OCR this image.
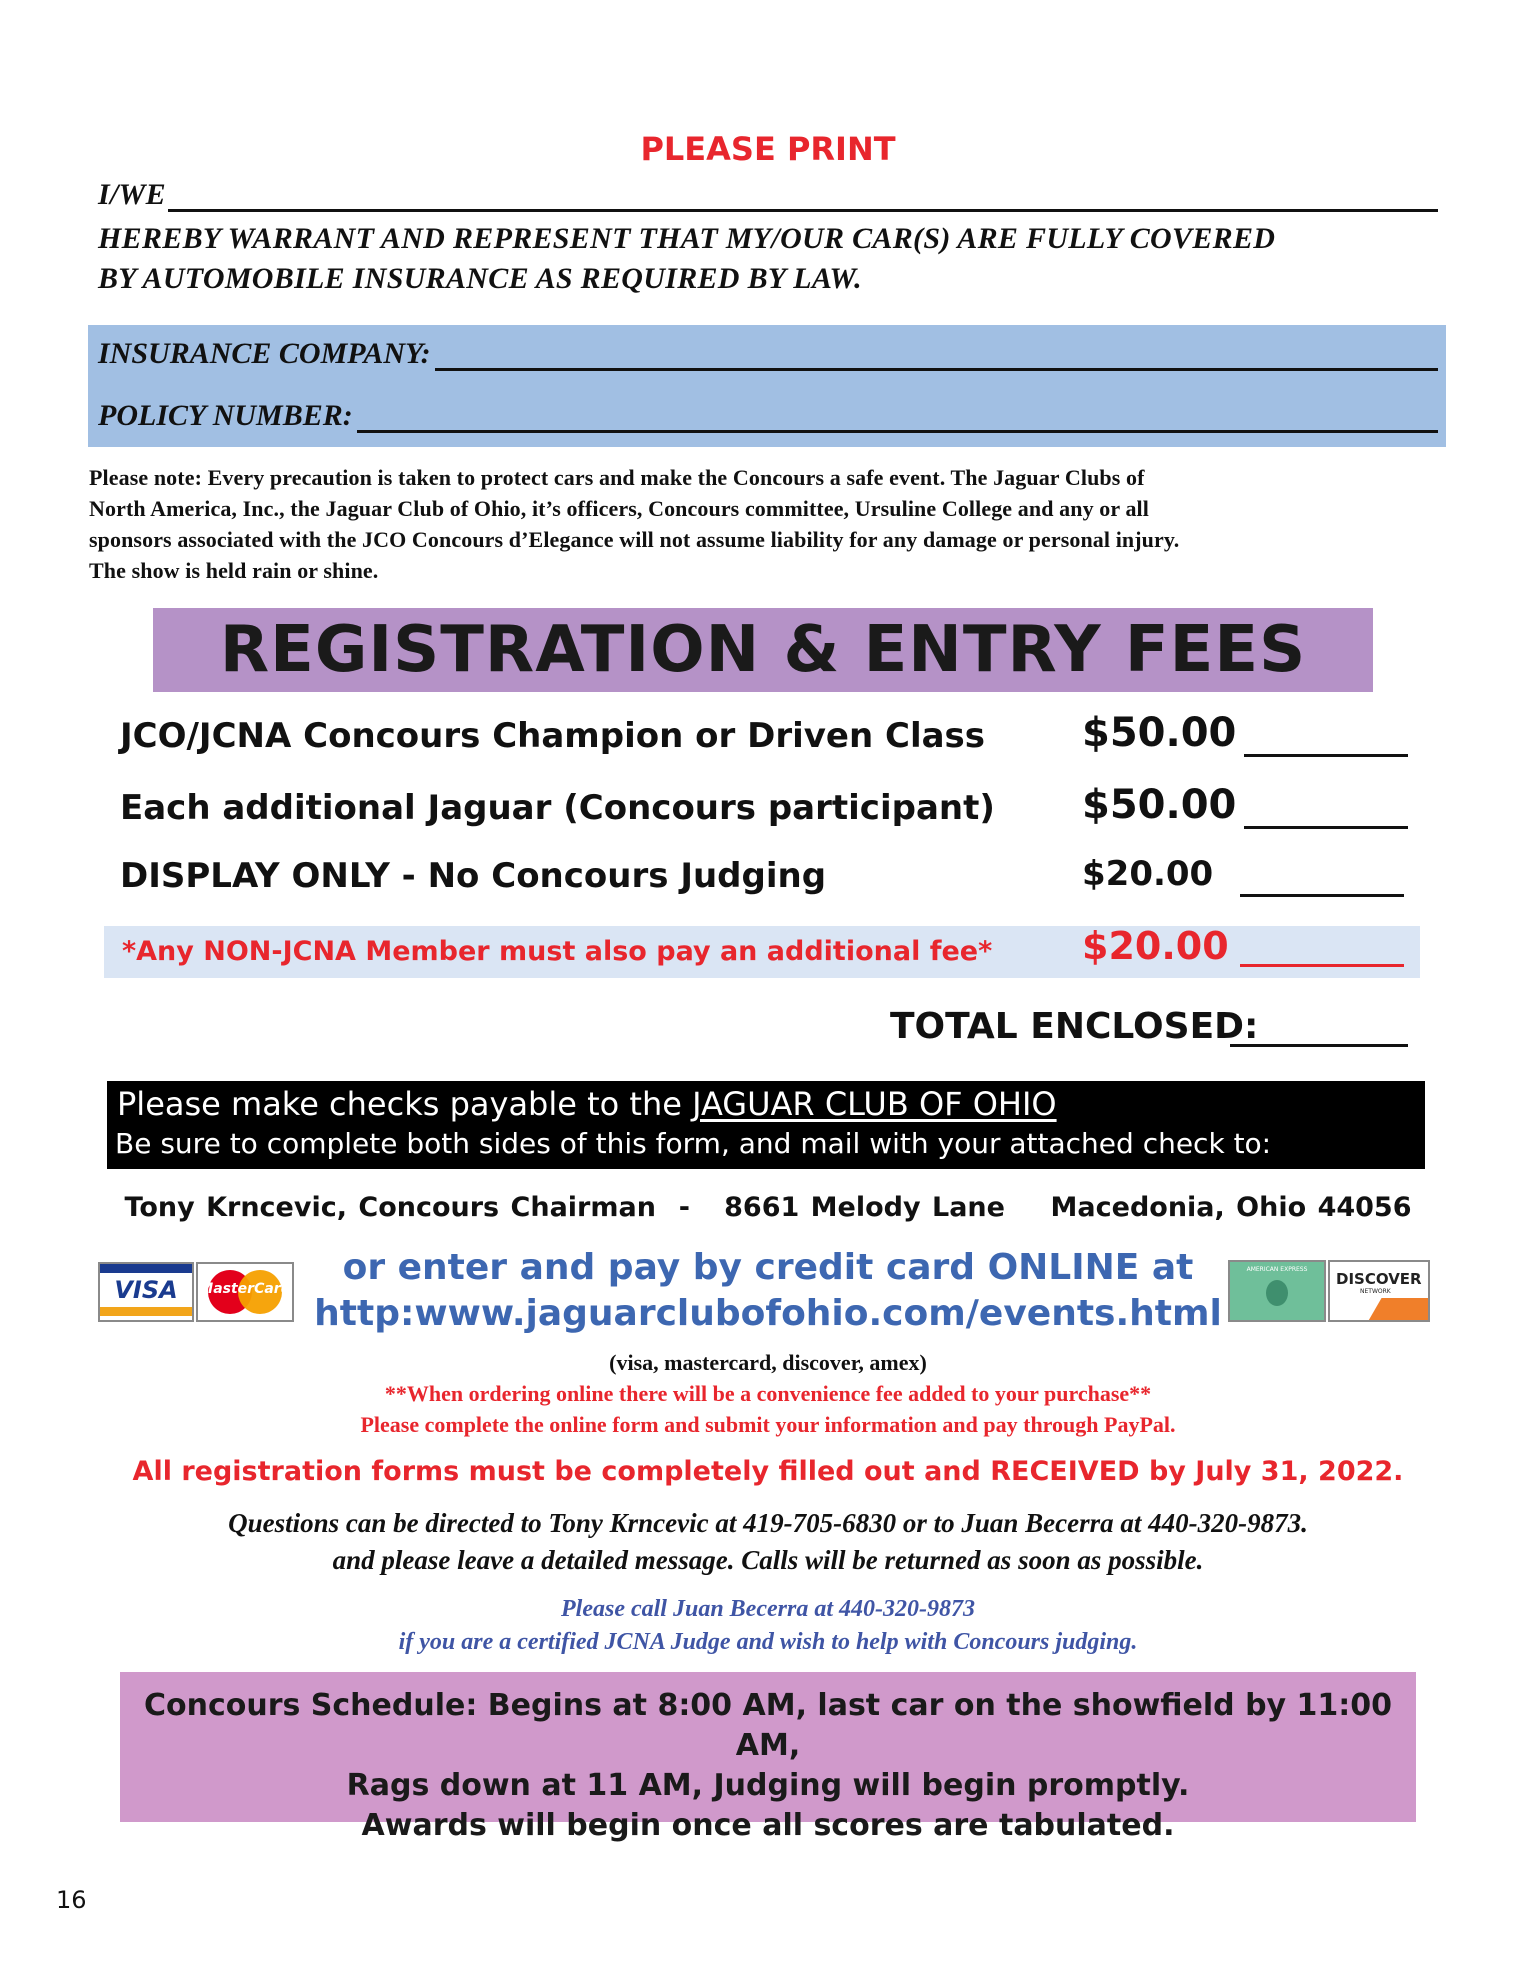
PLEASE PRINT
I/WE
HEREBY WARRANT AND REPRESENT THAT MY/OUR CAR(S) ARE FULLY COVERED
BY AUTOMOBILE INSURANCE AS REQUIRED BY LAW.
INSURANCE COMPANY:
POLICY NUMBER:
Please note: Every precaution is taken to protect cars and make the Concours a safe event. The Jaguar Clubs of
North America, Inc., the Jaguar Club of Ohio, it’s officers, Concours committee, Ursuline College and any or all
sponsors associated with the JCO Concours d’Elegance will not assume liability for any damage or personal injury.
The show is held rain or shine.
REGISTRATION & ENTRY FEES
JCO/JCNA Concours Champion or Driven Class $50.00
Each additional Jaguar (Concours participant) $50.00
DISPLAY ONLY - No Concours Judging	$20.00
*Any NON-JCNA Member must also pay an additional fee* $20.00
TOTAL ENCLOSED:
Please make checks payable to the JAGUAR CLUB OF OHIO
Be sure to complete both sides of this form, and mail with your attached check to:
Tony Krncevic, Concours Chairman  -   8661 Melody Lane    Macedonia, Ohio 44056
VISA	MasterCard
AMERICAN EXPRESS
DISCOVER
NETWORK
or enter and pay by credit card ONLINE at
http:www.jaguarclubofohio.com/events.html
(visa, mastercard, discover, amex)
**When ordering online there will be a convenience fee added to your purchase**
Please complete the online form and submit your information and pay through PayPal.
All registration forms must be completely filled out and RECEIVED by July 31, 2022.
Questions can be directed to Tony Krncevic at 419-705-6830 or to Juan Becerra at 440-320-9873.
and please leave a detailed message. Calls will be returned as soon as possible.
Please call Juan Becerra at 440-320-9873
if you are a certified JCNA Judge and wish to help with Concours judging.
Concours Schedule: Begins at 8:00 AM, last car on the showfield by 11:00 AM,
Rags down at 11 AM, Judging will begin promptly.
Awards will begin once all scores are tabulated.
16
